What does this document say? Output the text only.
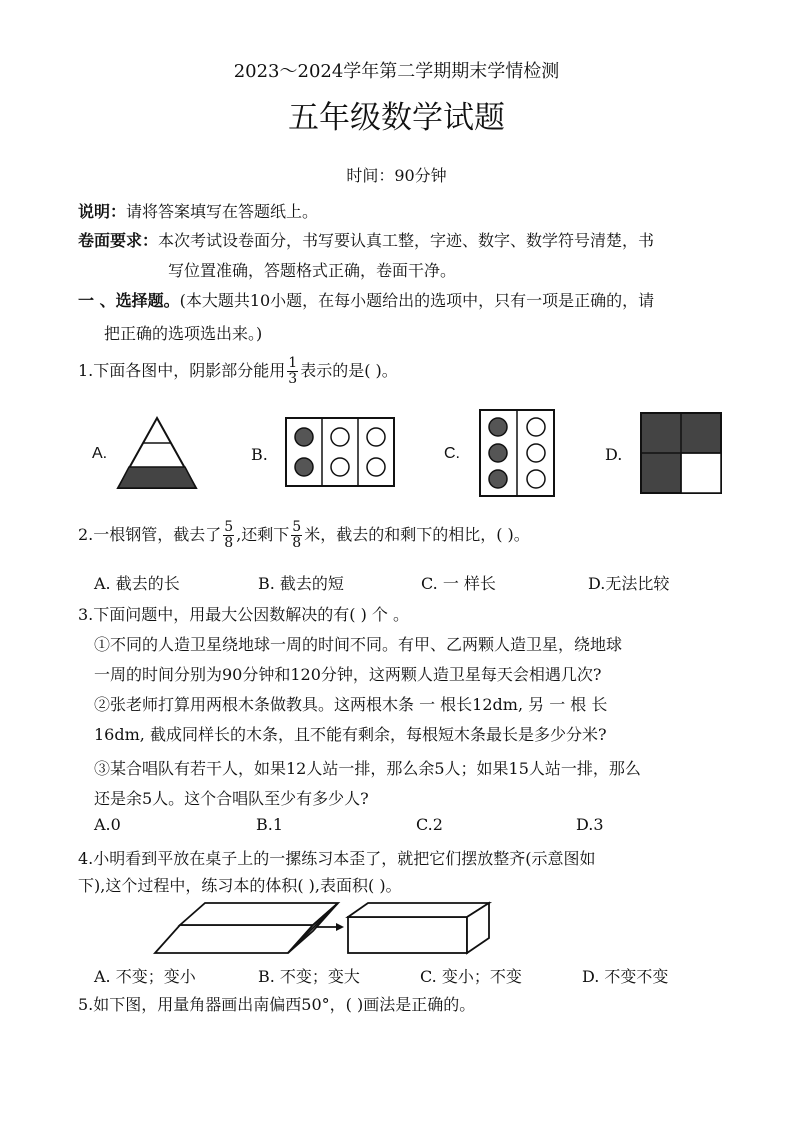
2023～2024学年第二学期期末学情检测
五年级数学试题
时间：90分钟
说明：请将答案填写在答题纸上。
卷面要求：本次考试设卷面分，书写要认真工整，字迹、数字、数学符号清楚，书
写位置准确，答题格式正确，卷面干净。
一 、选择题。(本大题共10小题，在每小题给出的选项中，只有一项是正确的，请
把正确的选项选出来。)
1.下面各图中，阴影部分能用 $\frac{1}{3}$ 表示的是( )。
A.	B.	C.	D.
2.一根钢管，截去了 $\frac{5}{8}$ ,还剩下 $\frac{5}{8}$ 米，截去的和剩下的相比，( )。
A. 截去的长	B. 截去的短	C. 一 样长	D.无法比较
3.下面问题中，用最大公因数解决的有( ) 个 。
①不同的人造卫星绕地球一周的时间不同。有甲、乙两颗人造卫星，绕地球
一周的时间分别为90分钟和120分钟，这两颗人造卫星每天会相遇几次?
②张老师打算用两根木条做教具。这两根木条 一 根长12dm, 另 一 根 长
16dm, 截成同样长的木条，且不能有剩余，每根短木条最长是多少分米?
③某合唱队有若干人，如果12人站一排，那么余5人；如果15人站一排，那么
还是余5人。这个合唱队至少有多少人?
A.0	B.1	C.2	D.3
4.小明看到平放在桌子上的一摞练习本歪了，就把它们摆放整齐(示意图如
下),这个过程中，练习本的体积( ),表面积( )。
A. 不变；变小	B. 不变；变大	C. 变小；不变	D. 不变不变
5.如下图，用量角器画出南偏西50°，( )画法是正确的。
